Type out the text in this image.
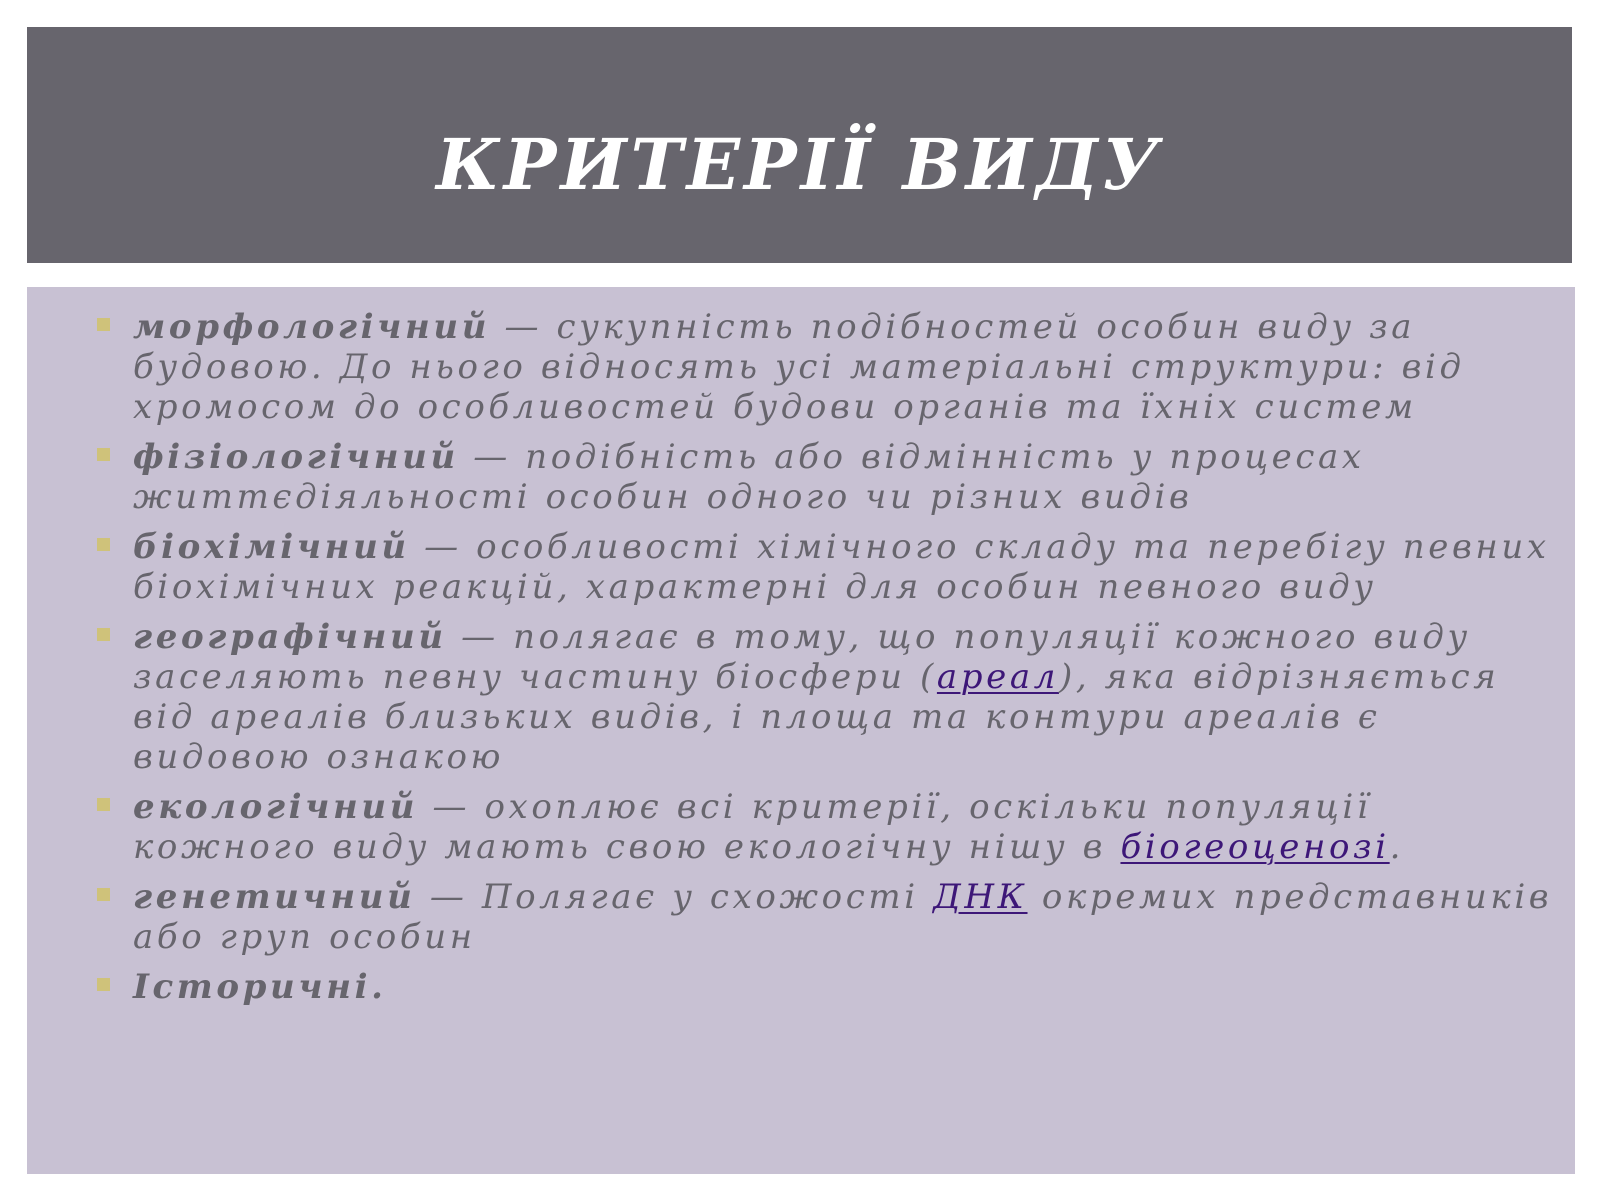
КРИТЕРІЇ ВИДУ
морфологічний — сукупність подібностей особин виду за будовою. До нього відносять усі матеріальні структури: від хромосом до особливостей будови органів та їхніх систем
фізіологічний — подібність або відмінність у процесах життєдіяльності особин одного чи різних видів
біохімічний — особливості хімічного складу та перебігу певних біохімічних реакцій, характерні для особин певного виду
географічний — полягає в тому, що популяції кожного виду заселяють певну частину біосфери (ареал), яка відрізняється від ареалів близьких видів, і площа та контури ареалів є видовою ознакою
екологічний — охоплює всі критерії, оскільки популяції кожного виду мають свою екологічну нішу в біогеоценозі.
генетичний — Полягає у схожості ДНК окремих представників або груп особин
Історичні.
